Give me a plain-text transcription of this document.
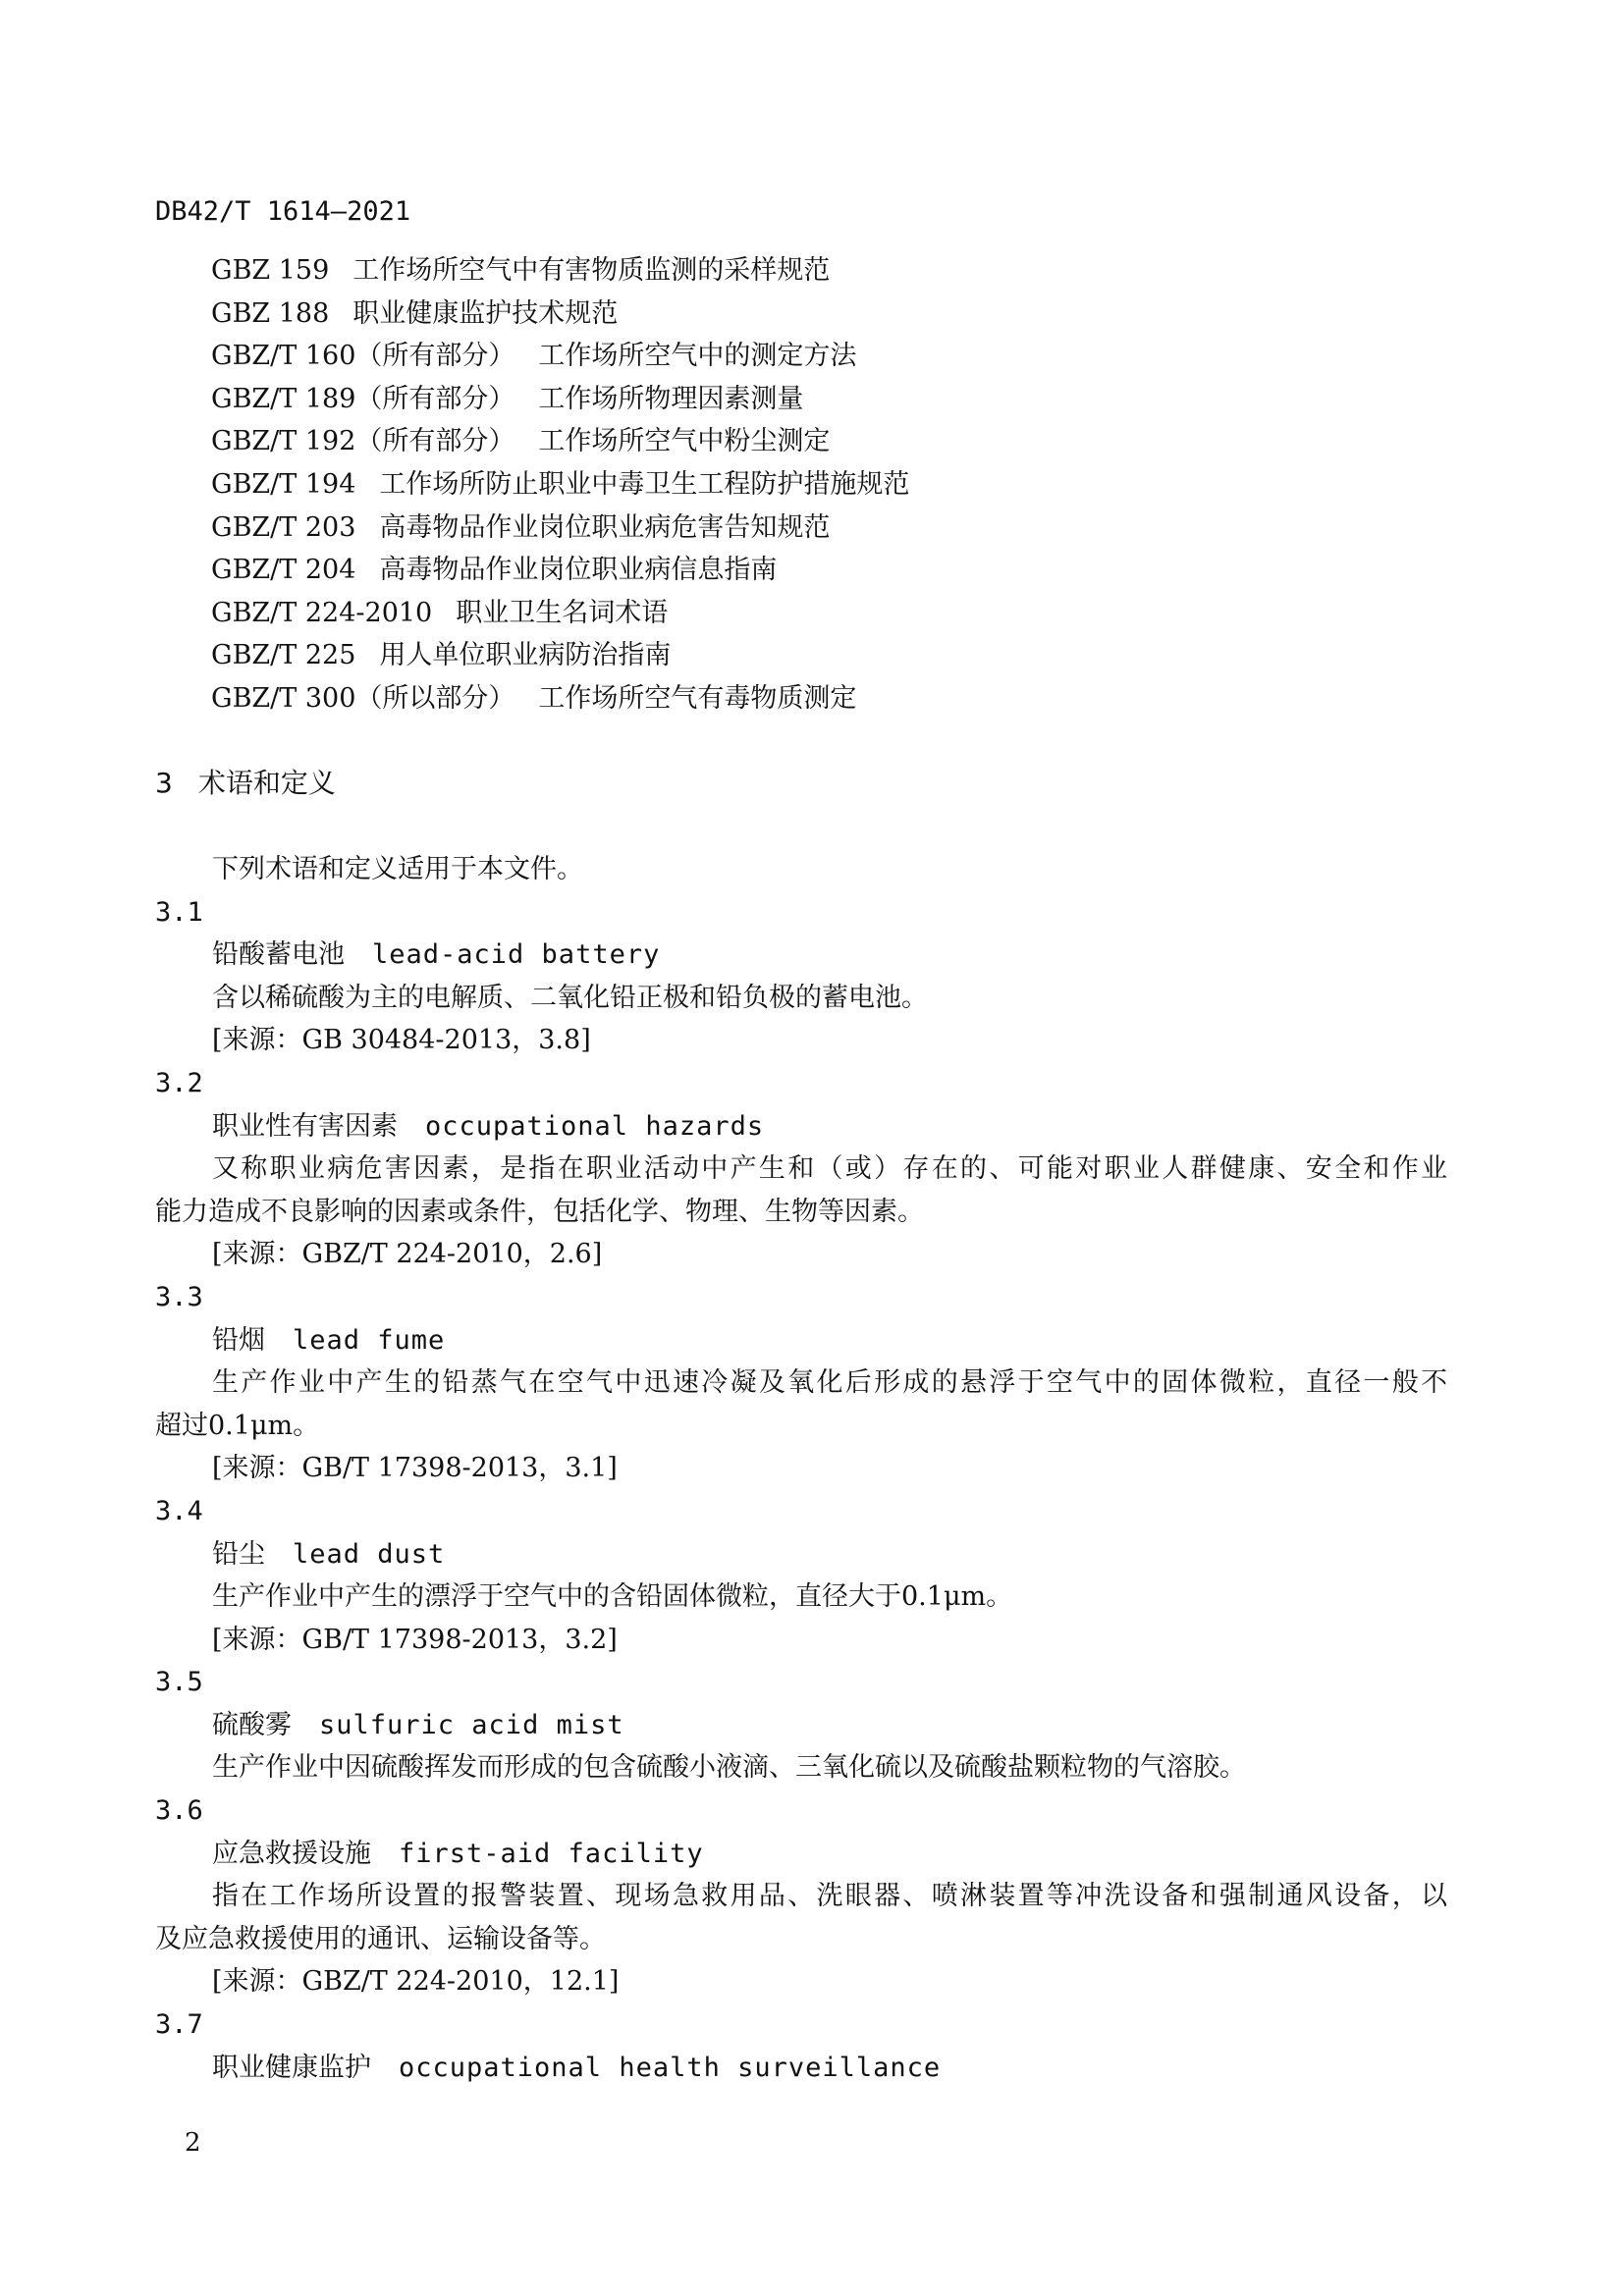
DB42/T 1614—2021
GBZ 159 工作场所空气中有害物质监测的采样规范
GBZ 188 职业健康监护技术规范
GBZ/T 160（所有部分） 工作场所空气中的测定方法
GBZ/T 189（所有部分） 工作场所物理因素测量
GBZ/T 192（所有部分） 工作场所空气中粉尘测定
GBZ/T 194 工作场所防止职业中毒卫生工程防护措施规范
GBZ/T 203 高毒物品作业岗位职业病危害告知规范
GBZ/T 204 高毒物品作业岗位职业病信息指南
GBZ/T 224-2010 职业卫生名词术语
GBZ/T 225 用人单位职业病防治指南
GBZ/T 300（所以部分） 工作场所空气有毒物质测定
3 术语和定义
下列术语和定义适用于本文件。
3.1
铅酸蓄电池 lead-acid battery
含以稀硫酸为主的电解质、二氧化铅正极和铅负极的蓄电池。
[来源：GB 30484-2013，3.8]
3.2
职业性有害因素 occupational hazards
又称职业病危害因素，是指在职业活动中产生和（或）存在的、可能对职业人群健康、安全和作业
能力造成不良影响的因素或条件，包括化学、物理、生物等因素。
[来源：GBZ/T 224-2010，2.6]
3.3
铅烟 lead fume
生产作业中产生的铅蒸气在空气中迅速冷凝及氧化后形成的悬浮于空气中的固体微粒，直径一般不
超过0.1μm。
[来源：GB/T 17398-2013，3.1]
3.4
铅尘 lead dust
生产作业中产生的漂浮于空气中的含铅固体微粒，直径大于0.1μm。
[来源：GB/T 17398-2013，3.2]
3.5
硫酸雾 sulfuric acid mist
生产作业中因硫酸挥发而形成的包含硫酸小液滴、三氧化硫以及硫酸盐颗粒物的气溶胶。
3.6
应急救援设施 first-aid facility
指在工作场所设置的报警装置、现场急救用品、洗眼器、喷淋装置等冲洗设备和强制通风设备，以
及应急救援使用的通讯、运输设备等。
[来源：GBZ/T 224-2010，12.1]
3.7
职业健康监护 occupational health surveillance
2
